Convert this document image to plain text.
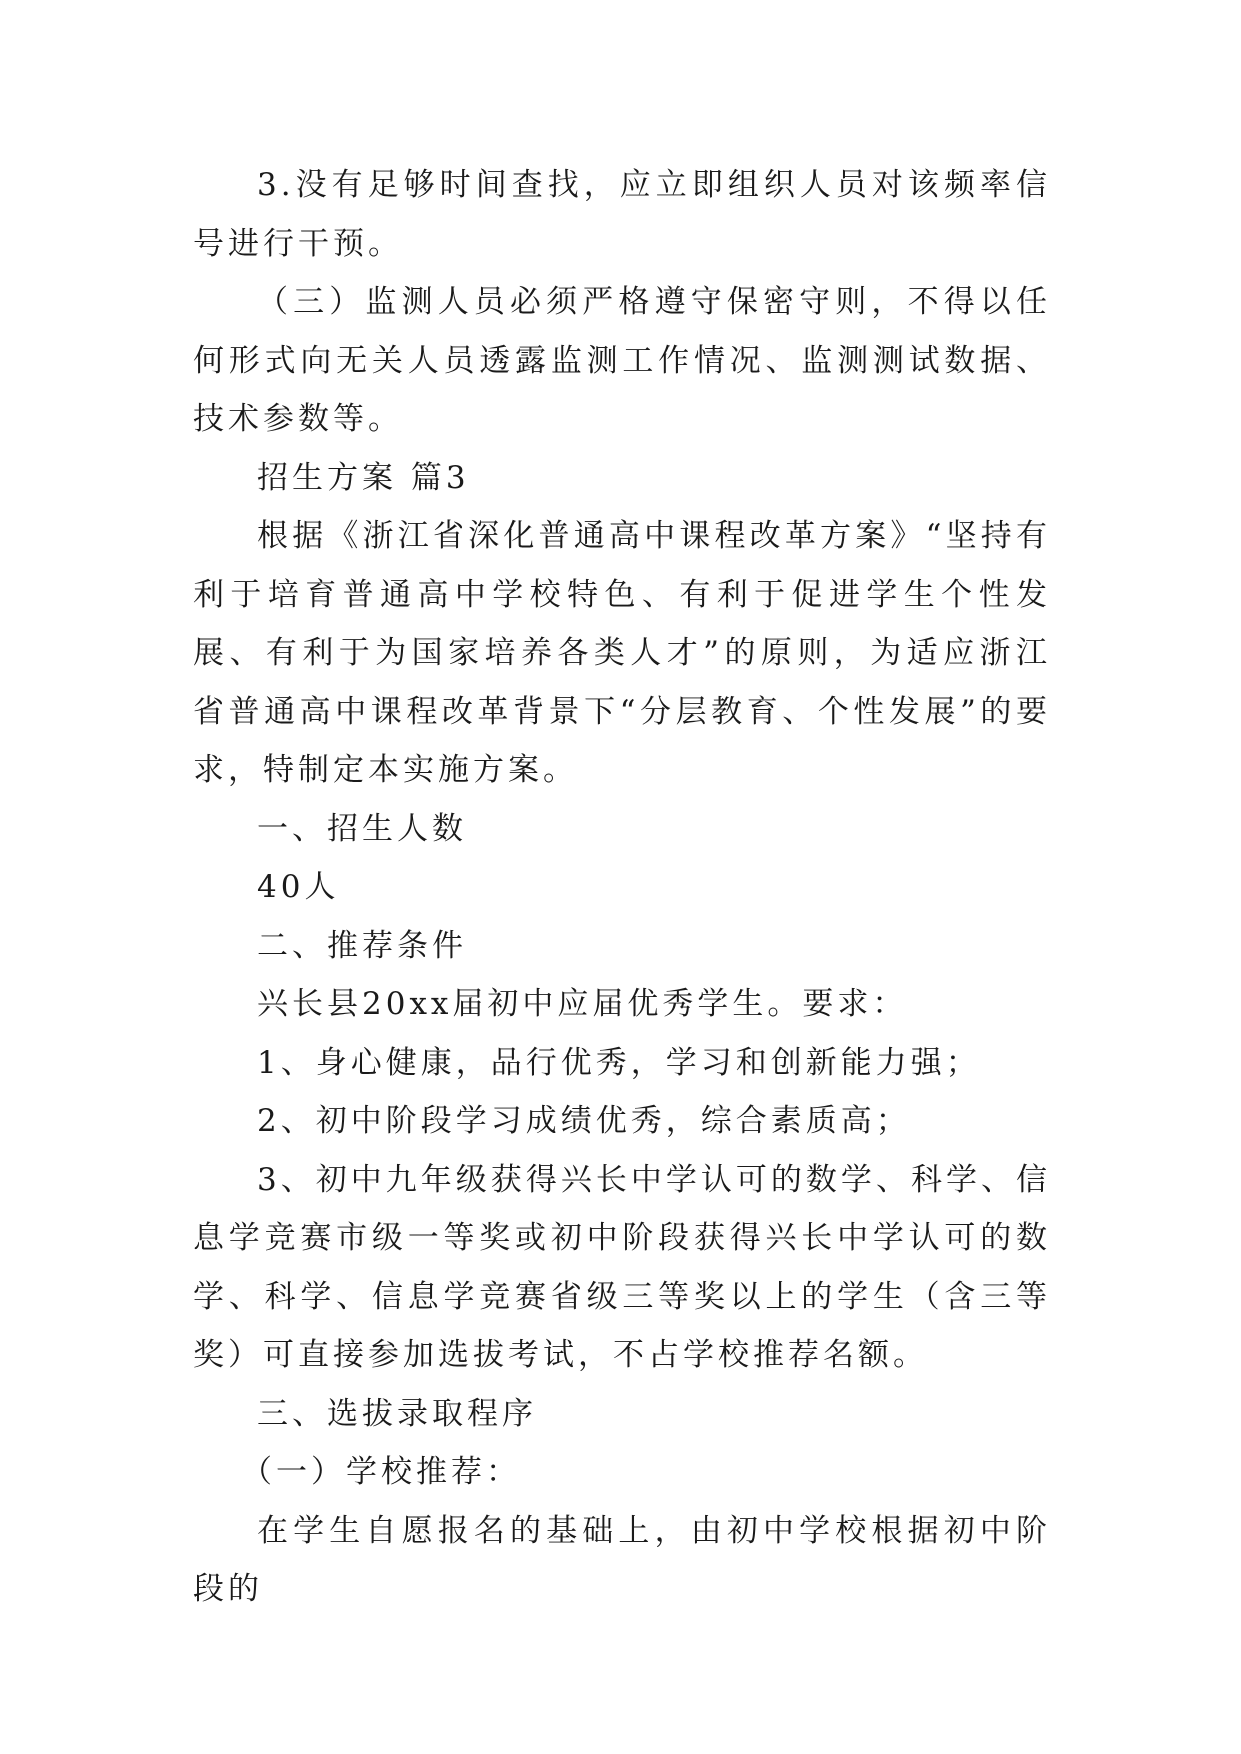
3.没有足够时间查找，应立即组织人员对该频率信号进行干预。

（三）监测人员必须严格遵守保密守则，不得以任何形式向无关人员透露监测工作情况、监测测试数据、技术参数等。

招生方案 篇3

根据《浙江省深化普通高中课程改革方案》“坚持有利于培育普通高中学校特色、有利于促进学生个性发展、有利于为国家培养各类人才”的原则，为适应浙江省普通高中课程改革背景下“分层教育、个性发展”的要求，特制定本实施方案。

一、招生人数

40人

二、推荐条件

兴长县20xx届初中应届优秀学生。要求：

1、身心健康，品行优秀，学习和创新能力强；

2、初中阶段学习成绩优秀，综合素质高；

3、初中九年级获得兴长中学认可的数学、科学、信息学竞赛市级一等奖或初中阶段获得兴长中学认可的数学、科学、信息学竞赛省级三等奖以上的学生（含三等奖）可直接参加选拔考试，不占学校推荐名额。

三、选拔录取程序

（一）学校推荐：

在学生自愿报名的基础上，由初中学校根据初中阶段的
